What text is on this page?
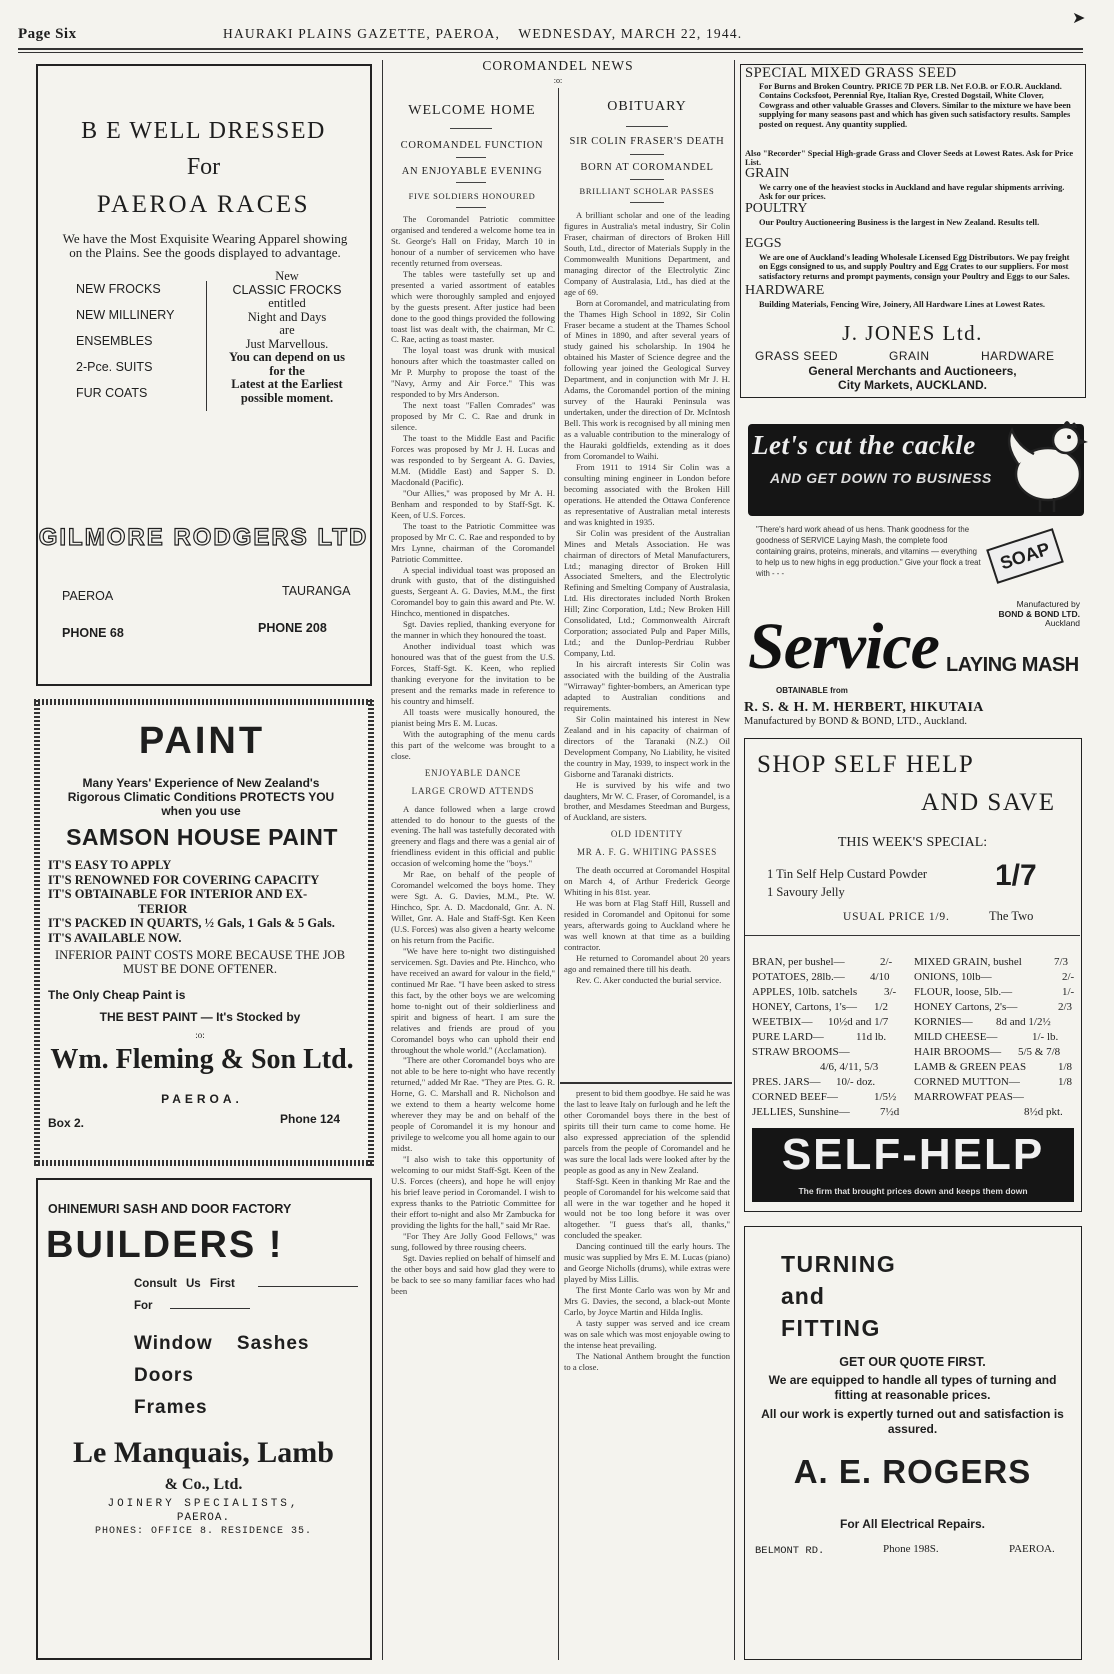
Page Six	HAURAKI PLAINS GAZETTE, PAEROA, WEDNESDAY, MARCH 22, 1944.
➤
B E WELL DRESSED
For
PAEROA RACES
We have the Most Exquisite Wearing Apparel showing on the Plains. See the goods displayed to advantage.
NEW FROCKS
NEW MILLINERY
ENSEMBLES
2-Pce. SUITS
FUR COATS
New
CLASSIC FROCKS
entitled
Night and Days
are
Just Marvellous.
You can depend on us
for the
Latest at the Earliest
possible moment.
GILMORE RODGERS LTD
PAEROA	TAURANGA
PHONE 68	PHONE 208
PAINT
Many Years' Experience of New Zealand's Rigorous Climatic Conditions PROTECTS YOU when you use
SAMSON HOUSE PAINT
IT'S EASY TO APPLY
IT'S RENOWNED FOR COVERING CAPACITY
IT'S OBTAINABLE FOR INTERIOR AND EX-
TERIOR
IT'S PACKED IN QUARTS, ½ Gals, 1 Gals & 5 Gals.
IT'S AVAILABLE NOW.
INFERIOR PAINT COSTS MORE BECAUSE THE JOB MUST BE DONE OFTENER.
The Only Cheap Paint is
THE BEST PAINT — It's Stocked by
:o:
Wm. Fleming & Son Ltd.
PAEROA.
Box 2.	Phone 124
OHINEMURI SASH AND DOOR FACTORY
BUILDERS !
Consult Us First
For
Window Sashes
Doors
Frames
Le Manquais, Lamb
& Co., Ltd.
JOINERY SPECIALISTS,
PAEROA.
PHONES: OFFICE 8. RESIDENCE 35.
COROMANDEL NEWS
:o:
WELCOME HOME
COROMANDEL FUNCTION
AN ENJOYABLE EVENING
FIVE SOLDIERS HONOURED

The Coromandel Patriotic committee organised and tendered a welcome home tea in St. George's Hall on Friday, March 10 in honour of a number of servicemen who have recently returned from overseas.

The tables were tastefully set up and presented a varied assortment of eatables which were thoroughly sampled and enjoyed by the guests present. After justice had been done to the good things provided the following toast list was dealt with, the chairman, Mr C. C. Rae, acting as toast master.

The loyal toast was drunk with musical honours after which the toastmaster called on Mr P. Murphy to propose the toast of the "Navy, Army and Air Force." This was responded to by Mrs Anderson.

The next toast "Fallen Comrades" was proposed by Mr C. C. Rae and drunk in silence.

The toast to the Middle East and Pacific Forces was proposed by Mr J. H. Lucas and was responded to by Sergeant A. G. Davies, M.M. (Middle East) and Sapper S. D. Macdonald (Pacific).

"Our Allies," was proposed by Mr A. H. Benham and responded to by Staff-Sgt. K. Keen, of U.S. Forces.

The toast to the Patriotic Committee was proposed by Mr C. C. Rae and responded to by Mrs Lynne, chairman of the Coromandel Patriotic Committee.

A special individual toast was proposed an drunk with gusto, that of the distinguished guests, Sergeant A. G. Davies, M.M., the first Coromandel boy to gain this award and Pte. W. Hinchco, mentioned in dispatches.

Sgt. Davies replied, thanking everyone for the manner in which they honoured the toast.

Another individual toast which was honoured was that of the guest from the U.S. Forces, Staff-Sgt. K. Keen, who replied thanking everyone for the invitation to be present and the remarks made in reference to his country and himself.

All toasts were musically honoured, the pianist being Mrs E. M. Lucas.

With the autographing of the menu cards this part of the welcome was brought to a close.

ENJOYABLE DANCE
LARGE CROWD ATTENDS

A dance followed when a large crowd attended to do honour to the guests of the evening. The hall was tastefully decorated with greenery and flags and there was a genial air of friendliness evident in this official and public occasion of welcoming home the "boys."

Mr Rae, on behalf of the people of Coromandel welcomed the boys home. They were Sgt. A. G. Davies, M.M., Pte. W. Hinchco, Spr. A. D. Macdonald, Gnr. A. N. Willet, Gnr. A. Hale and Staff-Sgt. Ken Keen (U.S. Forces) was also given a hearty welcome on his return from the Pacific.

"We have here to-night two distinguished servicemen. Sgt. Davies and Pte. Hinchco, who have received an award for valour in the field," continued Mr Rae. "I have been asked to stress this fact, by the other boys we are welcoming home to-night out of their soldierliness and spirit and bigness of heart. I am sure the relatives and friends are proud of you Coromandel boys who can uphold their end throughout the whole world." (Acclamation).

"There are other Coromandel boys who are not able to be here to-night who have recently returned," added Mr Rae. "They are Ptes. G. R. Horne, G. C. Marshall and R. Nicholson and we extend to them a hearty welcome home wherever they may be and on behalf of the people of Coromandel it is my honour and privilege to welcome you all home again to our midst.

"I also wish to take this opportunity of welcoming to our midst Staff-Sgt. Keen of the U.S. Forces (cheers), and hope he will enjoy his brief leave period in Coromandel. I wish to express thanks to the Patriotic Committee for their effort to-night and also Mr Zambucka for providing the lights for the hall," said Mr Rae.

"For They Are Jolly Good Fellows," was sung, followed by three rousing cheers.

Sgt. Davies replied on behalf of himself and the other boys and said how glad they were to be back to see so many familiar faces who had been

OBITUARY
SIR COLIN FRASER'S DEATH
BORN AT COROMANDEL
BRILLIANT SCHOLAR PASSES

A brilliant scholar and one of the leading figures in Australia's metal industry, Sir Colin Fraser, chairman of directors of Broken Hill South, Ltd., director of Materials Supply in the Commonwealth Munitions Department, and managing director of the Electrolytic Zinc Company of Australasia, Ltd., has died at the age of 69.

Born at Coromandel, and matriculating from the Thames High School in 1892, Sir Colin Fraser became a student at the Thames School of Mines in 1890, and after several years of study gained his scholarship. In 1904 he obtained his Master of Science degree and the following year joined the Geological Survey Department, and in conjunction with Mr J. H. Adams, the Coromandel portion of the mining survey of the Hauraki Peninsula was undertaken, under the direction of Dr. McIntosh Bell. This work is recognised by all mining men as a valuable contribution to the mineralogy of the Hauraki goldfields, extending as it does from Coromandel to Waihi.

From 1911 to 1914 Sir Colin was a consulting mining engineer in London before becoming associated with the Broken Hill operations. He attended the Ottawa Conference as representative of Australian metal interests and was knighted in 1935.

Sir Colin was president of the Australian Mines and Metals Association. He was chairman of directors of Metal Manufacturers, Ltd.; managing director of Broken Hill Associated Smelters, and the Electrolytic Refining and Smelting Company of Australasia, Ltd. His directorates included North Broken Hill; Zinc Corporation, Ltd.; New Broken Hill Consolidated, Ltd.; Commonwealth Aircraft Corporation; associated Pulp and Paper Mills, Ltd.; and the Dunlop-Perdriau Rubber Company, Ltd.

In his aircraft interests Sir Colin was associated with the building of the Australia "Wirraway" fighter-bombers, an American type adapted to Australian conditions and requirements.

Sir Colin maintained his interest in New Zealand and in his capacity of chairman of directors of the Taranaki (N.Z.) Oil Development Company, No Liability, he visited the country in May, 1939, to inspect work in the Gisborne and Taranaki districts.

He is survived by his wife and two daughters, Mr W. C. Fraser, of Coromandel, is a brother, and Mesdames Steedman and Burgess, of Auckland, are sisters.

OLD IDENTITY
MR A. F. G. WHITING PASSES

The death occurred at Coromandel Hospital on March 4, of Arthur Frederick George Whiting in his 81st. year.

He was born at Flag Staff Hill, Russell and resided in Coromandel and Opitonui for some years, afterwards going to Auckland where he was well known at that time as a building contractor.

He returned to Coromandel about 20 years ago and remained there till his death.

Rev. C. Aker conducted the burial service.

present to bid them goodbye. He said he was the last to leave Italy on furlough and he left the other Coromandel boys there in the best of spirits till their turn came to come home. He also expressed appreciation of the splendid parcels from the people of Coromandel and he was sure the local lads were looked after by the people as good as any in New Zealand.

Staff-Sgt. Keen in thanking Mr Rae and the people of Coromandel for his welcome said that all were in the war together and he hoped it would not be too long before it was over altogether. "I guess that's all, thanks," concluded the speaker.

Dancing continued till the early hours. The music was supplied by Mrs E. M. Lucas (piano) and George Nicholls (drums), while extras were played by Miss Lillis.

The first Monte Carlo was won by Mr and Mrs G. Davies, the second, a black-out Monte Carlo, by Joyce Martin and Hilda Inglis.

A tasty supper was served and ice cream was on sale which was most enjoyable owing to the intense heat prevailing.

The National Anthem brought the function to a close.

SPECIAL MIXED GRASS SEED
For Burns and Broken Country. PRICE 7D PER LB. Net F.O.B. or F.O.R. Auckland. Contains Cocksfoot, Perennial Rye, Italian Rye, Crested Dogstail, White Clover, Cowgrass and other valuable Grasses and Clovers. Similar to the mixture we have been supplying for many seasons past and which has given such satisfactory results. Samples posted on request. Any quantity supplied.
Also "Recorder" Special High-grade Grass and Clover Seeds at Lowest Rates. Ask for Price List.
GRAIN
We carry one of the heaviest stocks in Auckland and have regular shipments arriving. Ask for our prices.
POULTRY
Our Poultry Auctioneering Business is the largest in New Zealand. Results tell.
EGGS
We are one of Auckland's leading Wholesale Licensed Egg Distributors. We pay freight on Eggs consigned to us, and supply Poultry and Egg Crates to our suppliers. For most satisfactory returns and prompt payments, consign your Poultry and Eggs to our Sales.
HARDWARE
Building Materials, Fencing Wire, Joinery, All Hardware Lines at Lowest Rates.
J. JONES Ltd.
GRASS SEED	GRAIN	HARDWARE
General Merchants and Auctioneers,
City Markets, AUCKLAND.
Let's cut the cackle
AND GET DOWN TO BUSINESS
"There's hard work ahead of us hens. Thank goodness for the goodness of SERVICE Laying Mash, the complete food containing grains, proteins, minerals, and vitamins — everything to help us to new highs in egg production." Give your flock a treat with - - -
SOAP
Manufactured by
BOND & BOND LTD.
Auckland
Service LAYING MASH
OBTAINABLE from
R. S. & H. M. HERBERT, HIKUTAIA
Manufactured by BOND & BOND, LTD., Auckland.
SHOP SELF HELP
AND SAVE
THIS WEEK'S SPECIAL:
1 Tin Self Help Custard Powder
1 Savoury Jelly	1/7
USUAL PRICE 1/9.	The Two
BRAN, per bushel—	2/-
POTATOES, 28lb.— 4/10
APPLES, 10lb. satchels 3/-
HONEY, Cartons, 1's— 1/2
WEETBIX— 10½d and 1/7
PURE LARD—	11d lb.
STRAW BROOMS—
4/6, 4/11, 5/3
PRES. JARS— 10/- doz.
CORNED BEEF—	1/5½
JELLIES, Sunshine—	7½d
MIXED GRAIN, bushel	7/3
ONIONS, 10lb—	2/-
FLOUR, loose, 5lb.—	1/-
HONEY Cartons, 2's—	2/3
KORNIES— 8d and 1/2½
MILD CHEESE—	1/- lb.
HAIR BROOMS— 5/5 & 7/8
LAMB & GREEN PEAS	1/8
CORNED MUTTON—	1/8
MARROWFAT PEAS—
8½d pkt.
SELF-HELP
The firm that brought prices down and keeps them down
TURNING
and
FITTING
GET OUR QUOTE FIRST.
We are equipped to handle all types of turning and fitting at reasonable prices.
All our work is expertly turned out and satisfaction is assured.
A. E. ROGERS
For All Electrical Repairs.
BELMONT RD.	Phone 198S.	PAEROA.
